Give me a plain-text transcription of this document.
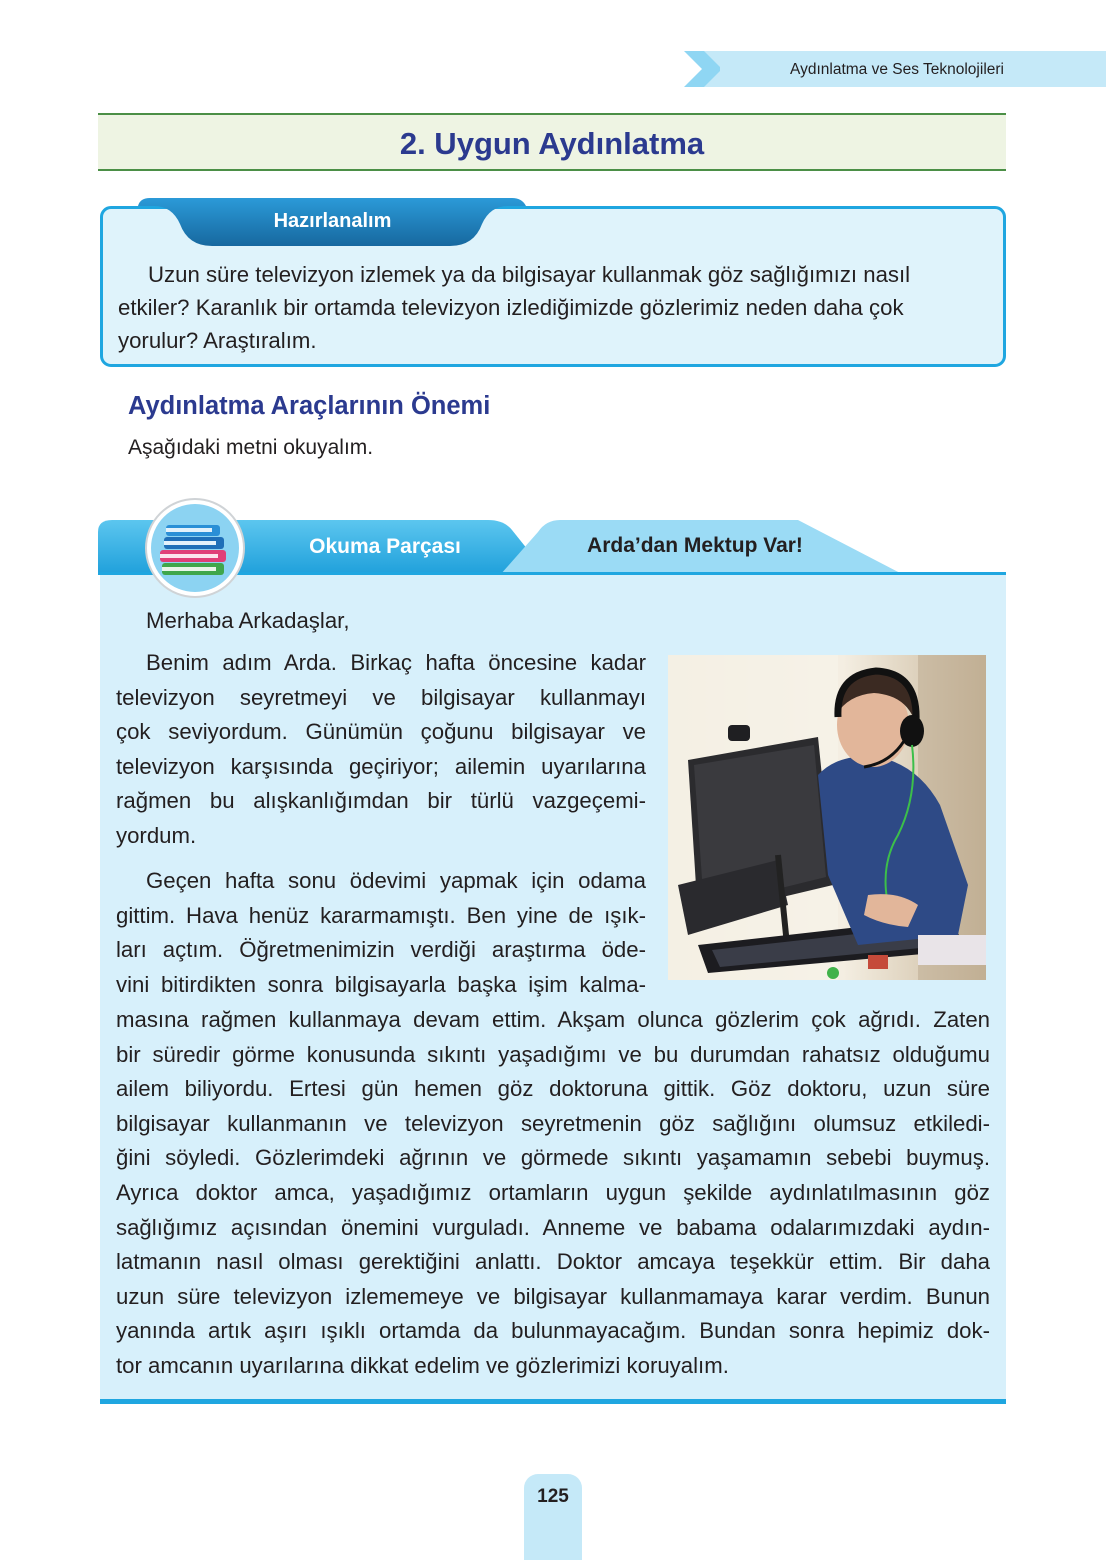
Aydınlatma ve Ses Teknolojileri
2. Uygun Aydınlatma
Hazırlanalım
Uzun süre televizyon izlemek ya da bilgisayar kullanmak göz sağlığımızı nasıl
etkiler? Karanlık bir ortamda televizyon izlediğimizde gözlerimiz neden daha çok
yorulur? Araştıralım.
Aydınlatma Araçlarının Önemi
Aşağıdaki metni okuyalım.
Okuma Parçası	Arda’dan Mektup Var!
Merhaba Arkadaşlar,
Benim adım Arda. Birkaç hafta öncesine kadar
televizyon seyretmeyi ve bilgisayar kullanmayı
çok seviyordum. Günümün çoğunu bilgisayar ve
televizyon karşısında geçiriyor; ailemin uyarılarına
rağmen bu alışkanlığımdan bir türlü vazgeçemi-
yordum.
Geçen hafta sonu ödevimi yapmak için odama
gittim. Hava henüz kararmamıştı. Ben yine de ışık-
ları açtım. Öğretmenimizin verdiği araştırma öde-
vini bitirdikten sonra bilgisayarla başka işim kalma-
masına rağmen kullanmaya devam ettim. Akşam olunca gözlerim çok ağrıdı. Zaten
bir süredir görme konusunda sıkıntı yaşadığımı ve bu durumdan rahatsız olduğumu
ailem biliyordu. Ertesi gün hemen göz doktoruna gittik. Göz doktoru, uzun süre
bilgisayar kullanmanın ve televizyon seyretmenin göz sağlığını olumsuz etkiledi-
ğini söyledi. Gözlerimdeki ağrının ve görmede sıkıntı yaşamamın sebebi buymuş.
Ayrıca doktor amca, yaşadığımız ortamların uygun şekilde aydınlatılmasının göz
sağlığımız açısından önemini vurguladı. Anneme ve babama odalarımızdaki aydın-
latmanın nasıl olması gerektiğini anlattı. Doktor amcaya teşekkür ettim. Bir daha
uzun süre televizyon izlememeye ve bilgisayar kullanmamaya karar verdim. Bunun
yanında artık aşırı ışıklı ortamda da bulunmayacağım. Bundan sonra hepimiz dok-
tor amcanın uyarılarına dikkat edelim ve gözlerimizi koruyalım.
125
